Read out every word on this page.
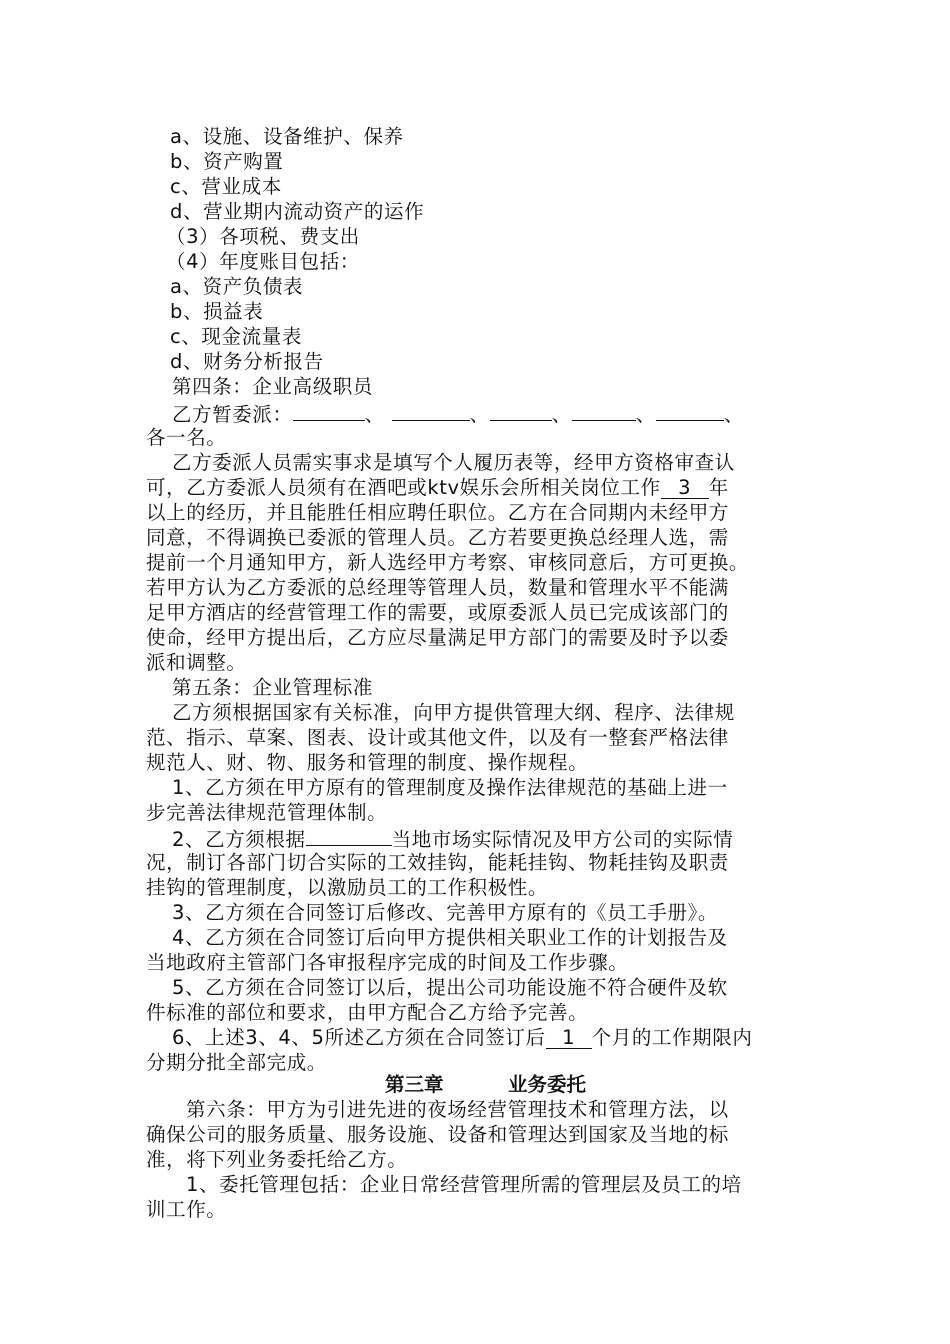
a、设施、设备维护、保养
b、资产购置
c、营业成本
d、营业期内流动资产的运作
（3）各项税、费支出
（4）年度账目包括：
a、资产负债表
b、损益表
c、现金流量表
d、财务分析报告
第四条：企业高级职员
乙方暂委派：	、	、	、	、	、
各一名。
乙方委派人员需实事求是填写个人履历表等，经甲方资格审查认
可，乙方委派人员须有在酒吧或ktv娱乐会所相关岗位工作 3 年
以上的经历，并且能胜任相应聘任职位。乙方在合同期内未经甲方
同意，不得调换已委派的管理人员。乙方若要更换总经理人选，需
提前一个月通知甲方，新人选经甲方考察、审核同意后，方可更换。
若甲方认为乙方委派的总经理等管理人员，数量和管理水平不能满
足甲方酒店的经营管理工作的需要，或原委派人员已完成该部门的
使命，经甲方提出后，乙方应尽量满足甲方部门的需要及时予以委
派和调整。
第五条：企业管理标准
乙方须根据国家有关标准，向甲方提供管理大纲、程序、法律规
范、指示、草案、图表、设计或其他文件，以及有一整套严格法律
规范人、财、物、服务和管理的制度、操作规程。
1、乙方须在甲方原有的管理制度及操作法律规范的基础上进一
步完善法律规范管理体制。
2、乙方须根据	当地市场实际情况及甲方公司的实际情
况，制订各部门切合实际的工效挂钩，能耗挂钩、物耗挂钩及职责
挂钩的管理制度，以激励员工的工作积极性。
3、乙方须在合同签订后修改、完善甲方原有的《员工手册》。
4、乙方须在合同签订后向甲方提供相关职业工作的计划报告及
当地政府主管部门各审报程序完成的时间及工作步骤。
5、乙方须在合同签订以后，提出公司功能设施不符合硬件及软
件标准的部位和要求，由甲方配合乙方给予完善。
6、上述3、4、5所述乙方须在合同签订后 1 个月的工作期限内
分期分批全部完成。
第三章	业务委托
第六条：甲方为引进先进的夜场经营管理技术和管理方法，以
确保公司的服务质量、服务设施、设备和管理达到国家及当地的标
准，将下列业务委托给乙方。
1、委托管理包括：企业日常经营管理所需的管理层及员工的培
训工作。
